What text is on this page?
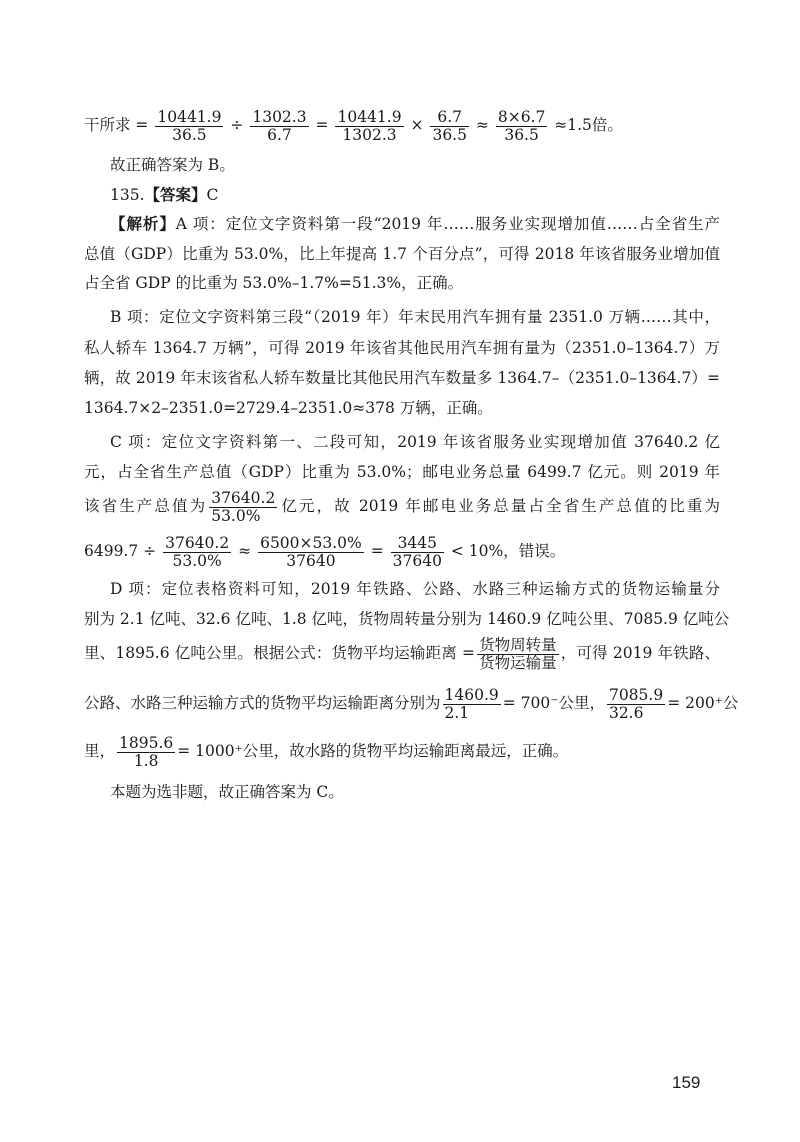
干所求 = $\frac{10441.9}{36.5} \div \frac{1302.3}{6.7} = \frac{10441.9}{1302.3} \times \frac{6.7}{36.5} \approx \frac{8\times 6.7}{36.5} \approx 1.5$倍。
故正确答案为 B。
135.【答案】C
【解析】A 项：定位文字资料第一段“2019 年……服务业实现增加值……占全省生产
总值（GDP）比重为 53.0%，比上年提高 1.7 个百分点”，可得 2018 年该省服务业增加值
占全省 GDP 的比重为 53.0%–1.7%=51.3%，正确。
B 项：定位文字资料第三段“（2019 年）年末民用汽车拥有量 2351.0 万辆……其中，
私人轿车 1364.7 万辆”，可得 2019 年该省其他民用汽车拥有量为（2351.0–1364.7）万
辆，故 2019 年末该省私人轿车数量比其他民用汽车数量多 1364.7–（2351.0–1364.7）=
1364.7×2–2351.0=2729.4–2351.0≈378 万辆，正确。
C 项：定位文字资料第一、二段可知，2019 年该省服务业实现增加值 37640.2 亿
元，占全省生产总值（GDP）比重为 53.0%；邮电业务总量 6499.7 亿元。则 2019 年
该省生产总值为 $\frac{37640.2}{53.0\%}$ 亿元，故 2019 年邮电业务总量占全省生产总值的比重为
$6499.7 \div \frac{37640.2}{53.0\%} \approx \frac{6500\times 53.0\%}{37640} = \frac{3445}{37640} < 10\%$，错误。
D 项：定位表格资料可知，2019 年铁路、公路、水路三种运输方式的货物运输量分
别为 2.1 亿吨、32.6 亿吨、1.8 亿吨，货物周转量分别为 1460.9 亿吨公里、7085.9 亿吨公
里、1895.6 亿吨公里。根据公式：货物平均运输距离 = $\frac{\text{货物周转量}}{\text{货物运输量}}$ ，可得 2019 年铁路、
公路、水路三种运输方式的货物平均运输距离分别为 $\frac{1460.9}{2.1} = 700^-$公里， $\frac{7085.9}{32.6} = 200^+$公
里， $\frac{1895.6}{1.8} = 1000^+$公里，故水路的货物平均运输距离最远，正确。
本题为选非题，故正确答案为 C。
159
